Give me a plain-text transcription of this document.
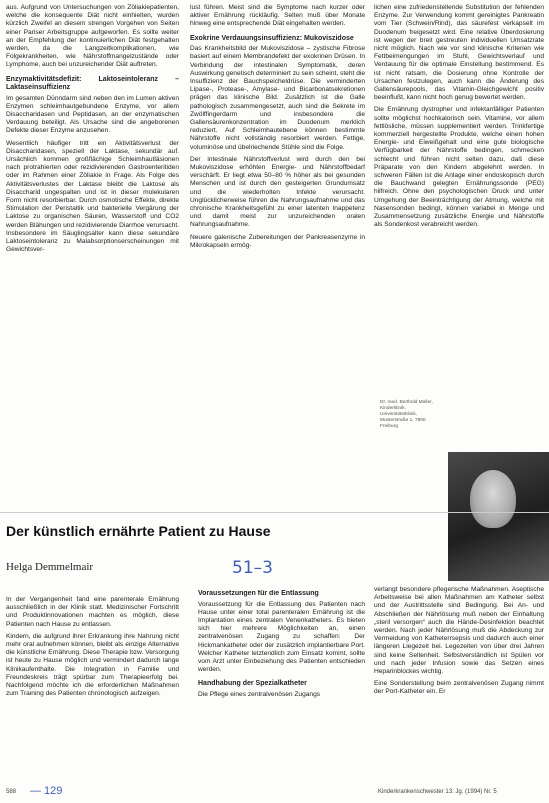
aus. Aufgrund von Untersuchungen von Zöliakiepatienten, welche die konsequente Diät nicht einhielten, wurden kürzlich Zweifel an diesem strengen Vorgehen von Seiten einer Pariser Arbeitsgruppe aufgeworfen. Es sollte weiter an der Empfehlung der kontinuierlichen Diät festgehalten werden, da die Langzeitkomplikationen, wie Folgekrankheiten, wie Nährstoffmangelzustände oder Lymphome, auch bei unzureichender Diät auftreten.

Enzymaktivitätsdefizit: Laktoseintoleranz – Laktaseinsuffizienz

Im gesamten Dünndarm sind neben den im Lumen aktiven Enzymen schleimhautgebundene Enzyme, vor allem Disaccharidasen und Peptidasen, an der enzymatischen Verdauung beteiligt. Als Ursache sind die angeborenen Defekte dieser Enzyme anzusehen.

Wesentlich häufiger tritt ein Aktivitätsverlust der Disaccharidasen, speziell der Laktase, sekundär auf. Ursächlich kommen großflächige Schleimhautläsionen nach protrahierten oder rezidivierenden Gastroenteritiden oder im Rahmen einer Zöliakie in Frage. Als Folge des Aktivitätsverlustes der Laktase bleibt die Laktose als Disaccharid ungespalten und ist in dieser molekularen Form nicht resorbierbar. Durch osmotische Effekte, direkte Stimulation der Peristaltik und bakterielle Vergärung der Laktose zu organischen Säuren, Wasserstoff und CO2 werden Blähungen und rezidivierende Diarrhoe verursacht. Insbesondere im Säuglingsalter kann diese sekundäre Laktoseintoleranz zu Malabsorptionserscheinungen mit Gewichtsver-

lust führen. Meist sind die Symptome nach kurzer oder aktiver Ernährung rückläufig. Selten muß über Monate hinweg eine entsprechende Diät eingehalten werden.

Exokrine Verdauungsinsuffizienz: Mukoviszidose

Das Krankheitsbild der Mukoviszidose – zystische Fibrose basiert auf einem Membrandefekt der exokrinen Drüsen. In Verbindung der intestinalen Symptomatik, deren Auswirkung genetisch determiniert zu sein scheint, steht die Insuffizienz der Bauchspeicheldrüse. Die verminderten Lipase-, Protease-, Amylase- und Bicarbonatsekretionen prägen das klinische Bild. Zusätzlich ist die Galle pathologisch zusammengesetzt, auch sind die Sekrete im Zwölffingerdarm und insbesondere die Gallensäurenkonzentration im Duodenum merklich reduziert. Auf Schleimhautebene können bestimmte Nährstoffe nicht vollständig resorbiert werden. Fettige, voluminöse und übelriechende Stühle sind die Folge.

Der intestinale Nährstoffverlust wird durch den bei Mukoviszidose erhöhten Energie- und Nährstoffbedarf verschärft. Er liegt etwa 50–80 % höher als bei gesunden Menschen und ist durch den gesteigerten Grundumsatz und die wiederholten Infekte verursacht. Unglücklicherweise führen die Nahrungsaufnahme und das chronische Krankheitsgefühl zu einer latenten Inappetenz und damit meist zur unzureichenden oralen Nahrungsaufnahme.

Neuere galenische Zubereitungen der Pankreasenzyme in Mikrokapseln ermög-

lichen eine zufriedenstellende Substitution der fehlenden Enzyme. Zur Verwendung kommt gereinigtes Pankreatin vom Tier (Schwein/Rind), das säurefest verkapselt im Duodenum freigesetzt wird. Eine relative Überdosierung ist wegen der breit gestreuten individuellen Umsatzrate nicht möglich. Nach wie vor sind klinische Kriterien wie Fettbeimengungen im Stuhl, Gewichtsverlauf und Verdauung für die optimale Einstellung bestimmend. Es ist nicht ratsam, die Dosierung ohne Kontrolle der Ursachen festzulegen, auch kann die Änderung des Gallensäurepools, das Vitamin-Gleichgewicht positiv beeinflußt, kann nicht hoch genug bewertet werden.

Die Ernährung dystropher und infektanfälliger Patienten sollte möglichst hochkalorisch sein. Vitamine, vor allem fettlösliche, müssen supplementiert werden. Trinkfertige kommerziell hergestellte Produkte, welche einen hohen Energie- und Eiweißgehalt und eine gute biologische Verfügbarkeit der Nährstoffe bedingen, schmecken schlecht und führen nicht selten dazu, daß diese Präparate von den Kindern abgelehnt werden. In schweren Fällen ist die Anlage einer endoskopisch durch die Bauchwand gelegten Ernährungssonde (PEG) hilfreich. Ohne den psychologischen Druck und unter Umgehung der Beeinträchtigung der Atmung, welche mit Nasensonden bedingt, können variabel in Menge und Zusammensetzung zusätzliche Energie und Nährstoffe als Sondenkost verabreicht werden.

Dr. med. Berthold Müller, Kinderklinik, Universitätsklinik, Musterstraße 1, 7800 Freiburg
Der künstlich ernährte Patient zu Hause
Helga Demmelmair	51–3

In der Vergangenheit fand eine parenterale Ernährung ausschließlich in der Klinik statt. Medizinischer Fortschritt und Produktinnovationen machten es möglich, diese Patienten nach Hause zu entlassen.

Kindern, die aufgrund ihrer Erkrankung ihre Nahrung nicht mehr oral aufnehmen können, bleibt als einzige Alternative die künstliche Ernährung. Diese Therapie bzw. Versorgung ist heute zu Hause möglich und vermindert dadurch lange Klinikaufenthalte. Die Integration in Familie und Freundeskreis trägt spürbar zum Therapieerfolg bei. Nachfolgend möchte ich die erforderlichen Maßnahmen zum Training des Patienten chronologisch aufzeigen.

Voraussetzungen für die Entlassung

Voraussetzung für die Entlassung des Patienten nach Hause unter einer total parenteralen Ernährung ist die Implantation eines zentralen Venenkatheters. Es bieten sich hier mehrere Möglichkeiten an, einen zentralvenösen Zugang zu schaffen: Der Hickmankatheter oder der zusätzlich implantierbare Port. Welcher Katheter letztendlich zum Einsatz kommt, sollte vom Arzt unter Einbeziehung des Patienten entschieden werden.

Handhabung der Spezialkatheter

Die Pflege eines zentralvenösen Zugangs

verlangt besondere pflegerische Maßnahmen. Aseptische Arbeitsweise bei allen Maßnahmen am Katheter selbst und der Austrittsstelle sind Bedingung. Bei An- und Abschließen der Nährlösung muß neben der Einhaltung „steril versorgen“ auch die Hände-Desinfektion beachtet werden. Nach jeder Nährlösung muß die Abdeckung zur Vermeidung von Katheterrsepsis und dadurch auch einer längeren Liegezeit bei. Legezeiten von über drei Jahren sind keine Seltenheit. Selbstverständlich ist Spülen vor und nach jeder Infusion sowie das Setzen eines Heparinblockes wichtig.

Eine Sonderstellung beim zentralvenösen Zugang nimmt der Port-Katheter ein. Er

588 — 129	Kinderkrankenschwester 13. Jg. (1994) Nr. 5
